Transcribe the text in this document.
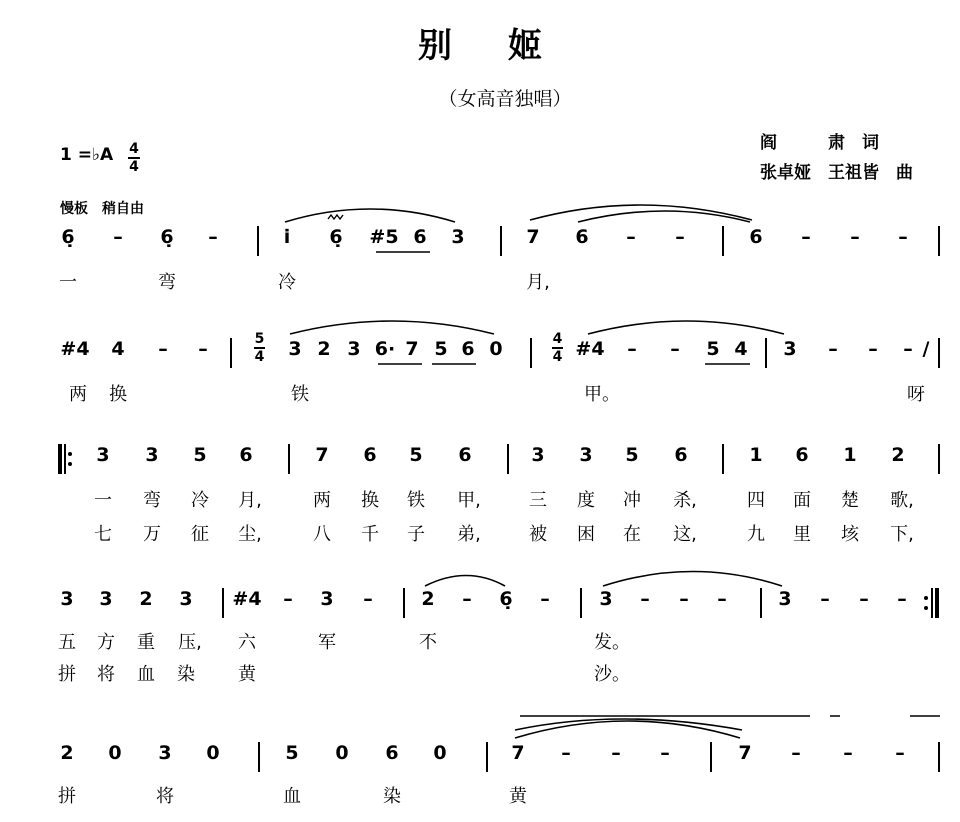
别姬
（女高音独唱）
1 =♭A 4
4
阎　　　肃　词
张卓娅　王祖皆　曲
慢板　稍自由
6̣ – 6̣ –	i̇ 6̣ #5 6 3	7 6 – –	6 – – –
一	弯	冷	月,
#4 4 – –	5
4 3 2 3 6· 7 5 6 0	4
4 #4 – – 5 4 3 – – – /
两 换	铁	甲。	呀
3 3 5 6	7 6 5 6	3 3 5 6	1 6 1 2
一 弯 冷 月,	两 换 铁 甲,	三 度 冲 杀,	四 面 楚 歌,
七 万 征 尘,	八 千 子 弟,	被 困 在 这,	九 里 垓 下,
3 3 2 3 #4 – 3 –	2 – 6̣ –	3 – – –	3 – – –
五 方 重 压, 六	军	不	发。
拼 将 血 染 黄	沙。
2 0 3 0	5 0 6 0	7 – – –	7 – – –
拼	将	血	染	黄
